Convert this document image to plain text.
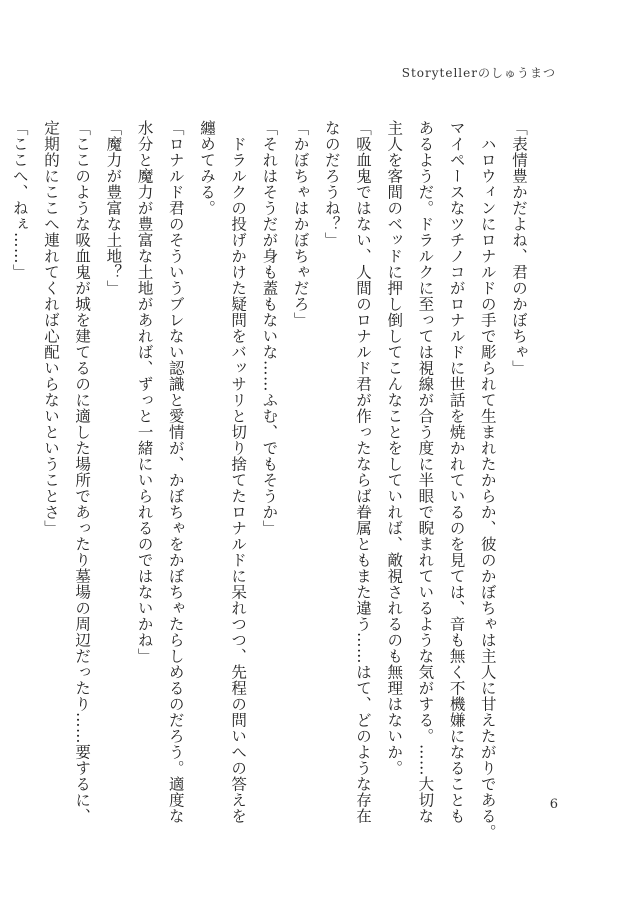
Storytellerのしゅうまつ

「表情豊かだよね、君のかぼちゃ」

　ハロウィンにロナルドの手で彫られて生まれたからか、彼のかぼちゃは主人に甘えたがりである。

マイペースなツチノコがロナルドに世話を焼かれているのを見ては、音も無く不機嫌になることも

あるようだ。ドラルクに至っては視線が合う度に半眼で睨まれているような気がする。……大切な

主人を客間のベッドに押し倒してこんなことをしていれば、敵視されるのも無理はないか。

「吸血鬼ではない、人間のロナルド君が作ったならば眷属ともまた違う……はて、どのような存在

なのだろうね？」

「かぼちゃはかぼちゃだろ」

「それはそうだが身も蓋もないな……ふむ、でもそうか」

　ドラルクの投げかけた疑問をバッサリと切り捨てたロナルドに呆れつつ、先程の問いへの答えを

纏めてみる。

「ロナルド君のそういうブレない認識と愛情が、かぼちゃをかぼちゃたらしめるのだろう。適度な

水分と魔力が豊富な土地があれば、ずっと一緒にいられるのではないかね」

「魔力が豊富な土地？」

「ここのような吸血鬼が城を建てるのに適した場所であったり墓場の周辺だったり……要するに、

定期的にここへ連れてくれば心配いらないということさ」

「ここへ、ねぇ……」

6
